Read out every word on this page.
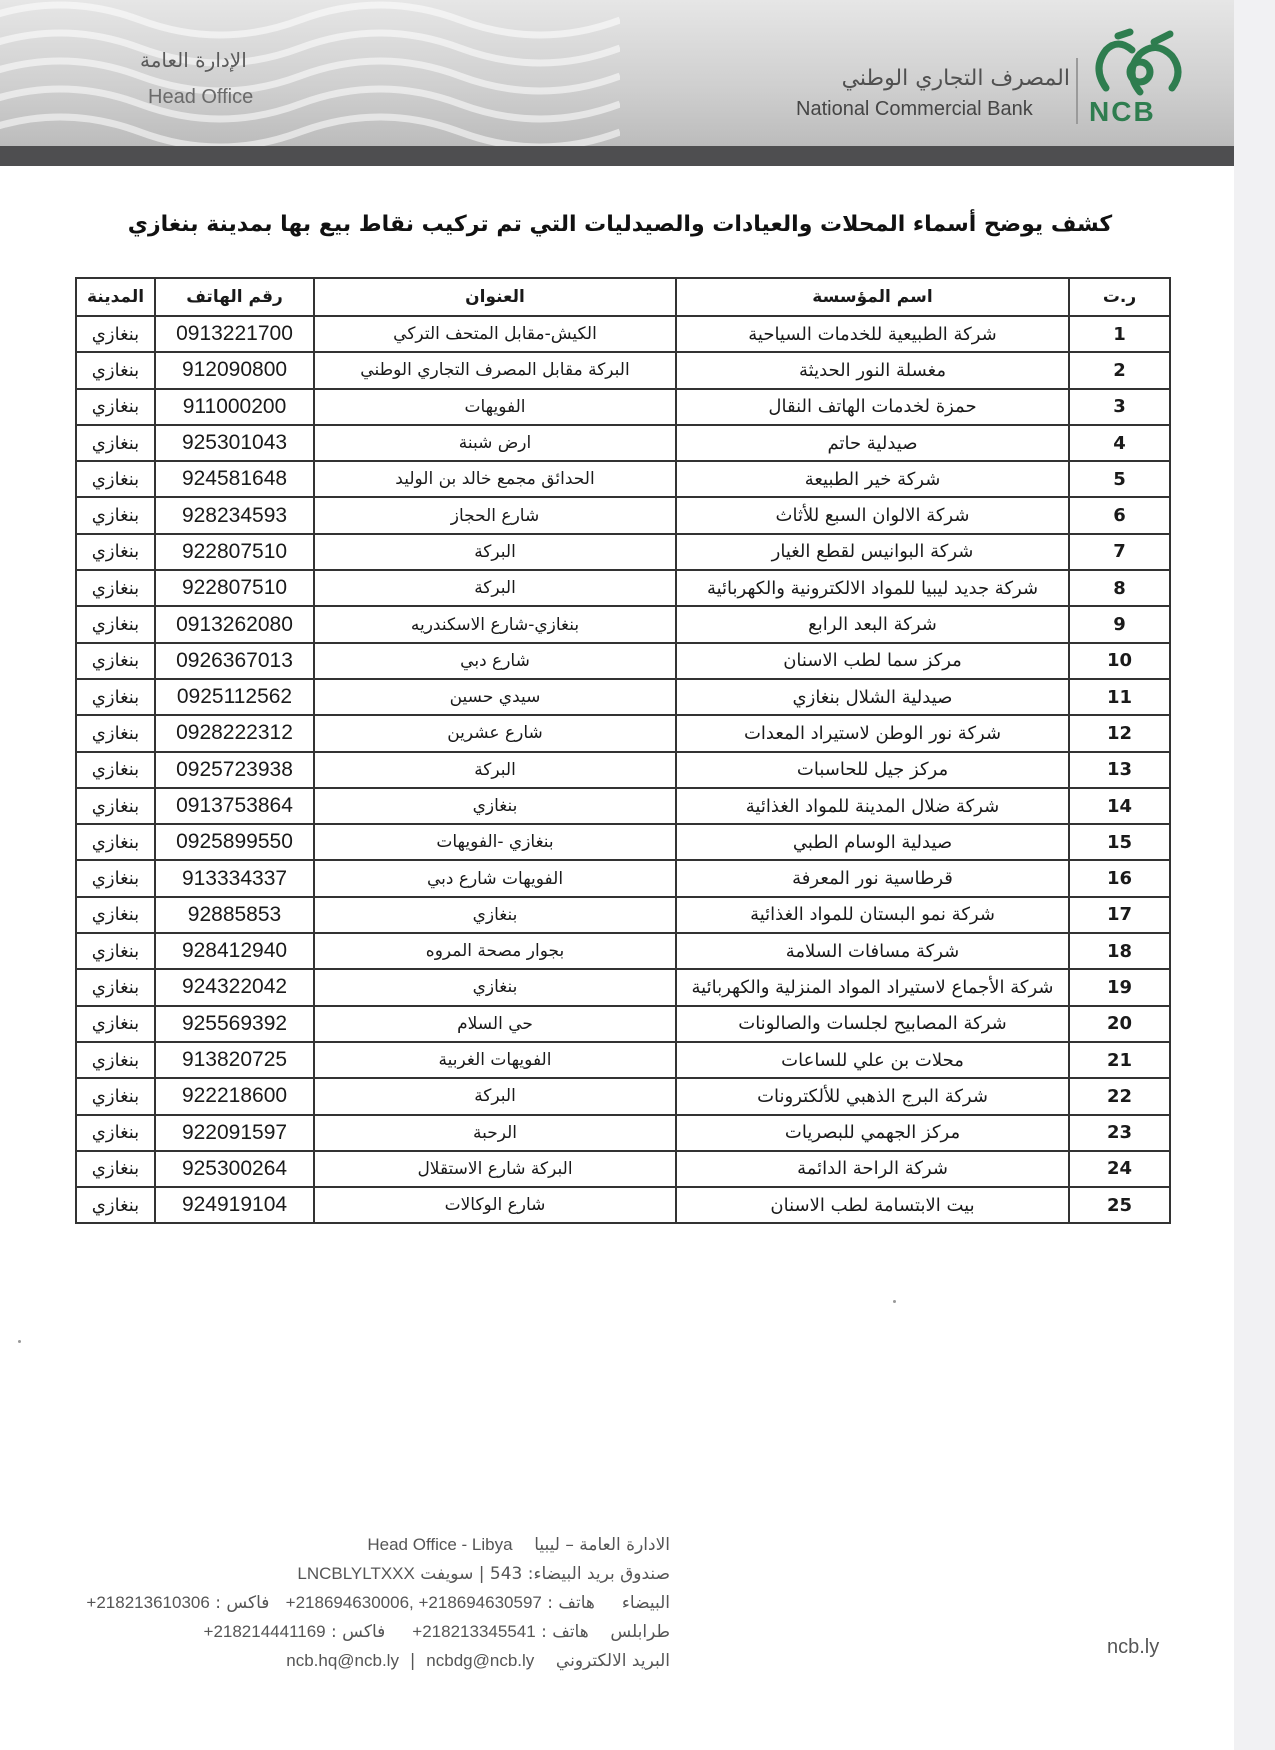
الإدارة العامة
Head Office
المصرف التجاري الوطني
National Commercial Bank NCB
كشف يوضح أسماء المحلات والعيادات والصيدليات التي تم تركيب نقاط بيع بها بمدينة بنغازي
ر.ت	اسم المؤسسة	العنوان	رقم الهاتف	المدينة
1	شركة الطبيعية للخدمات السياحية	الكيش-مقابل المتحف التركي	0913221700	بنغازي
2	مغسلة النور الحديثة	البركة مقابل المصرف التجاري الوطني	912090800	بنغازي
3	حمزة لخدمات الهاتف النقال	الفويهات	911000200	بنغازي
4	صيدلية حاتم	ارض شبنة	925301043	بنغازي
5	شركة خير الطبيعة	الحدائق مجمع خالد بن الوليد	924581648	بنغازي
6	شركة الالوان السبع للأثاث	شارع الحجاز	928234593	بنغازي
7	شركة البوانيس لقطع الغيار	البركة	922807510	بنغازي
8	شركة جديد ليبيا للمواد الالكترونية والكهربائية	البركة	922807510	بنغازي
9	شركة البعد الرابع	بنغازي-شارع الاسكندريه	0913262080	بنغازي
10	مركز سما لطب الاسنان	شارع دبي	0926367013	بنغازي
11	صيدلية الشلال بنغازي	سيدي حسين	0925112562	بنغازي
12	شركة نور الوطن لاستيراد المعدات	شارع عشرين	0928222312	بنغازي
13	مركز جيل للحاسبات	البركة	0925723938	بنغازي
14	شركة ضلال المدينة للمواد الغذائية	بنغازي	0913753864	بنغازي
15	صيدلية الوسام الطبي	بنغازي -الفويهات	0925899550	بنغازي
16	قرطاسية نور المعرفة	الفويهات شارع دبي	913334337	بنغازي
17	شركة نمو البستان للمواد الغذائية	بنغازي	92885853	بنغازي
18	شركة مسافات السلامة	بجوار مصحة المروه	928412940	بنغازي
19	شركة الأجماع لاستيراد المواد المنزلية والكهربائية	بنغازي	924322042	بنغازي
20	شركة المصابيح لجلسات والصالونات	حي السلام	925569392	بنغازي
21	محلات بن علي للساعات	الفويهات الغربية	913820725	بنغازي
22	شركة البرج الذهبي للألكترونات	البركة	922218600	بنغازي
23	مركز الجهمي للبصريات	الرحبة	922091597	بنغازي
24	شركة الراحة الدائمة	البركة شارع الاستقلال	925300264	بنغازي
25	بيت الابتسامة لطب الاسنان	شارع الوكالات	924919104	بنغازي
الادارة العامة – ليبيا    Head Office - Libya
صندوق بريد البيضاء: 543 | سويفت LNCBLYLTXXX
البيضاء     هاتف : +218694630006, +218694630597   فاكس : +218213610306
طرابلس    هاتف : +218213345541     فاكس : +218214441169
البريد الالكتروني    ncb.hq@ncb.ly  |  ncbdg@ncb.ly
ncb.ly
